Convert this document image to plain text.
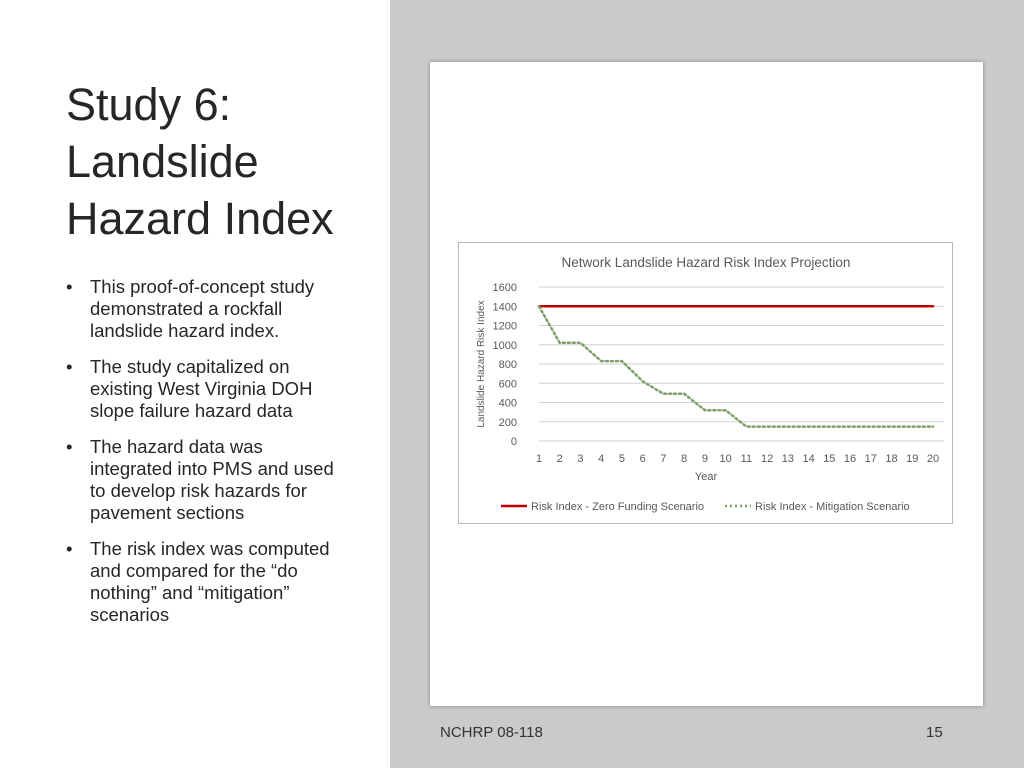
Study 6:
Landslide
Hazard Index
• This proof-of-concept study demonstrated a rockfall landslide hazard index.
• The study capitalized on existing West Virginia DOH slope failure hazard data
• The hazard data was integrated into PMS and used to develop risk hazards for pavement sections
• The risk index was computed and compared for the “do nothing” and “mitigation” scenarios
Network Landslide Hazard Risk Index Projection
0
200
400
600
800
1000
1200
1400
1600
1 2 3 4 5 6 7 8 9 10 11 12 13 14 15 16 17 18 19 20
Year
Landslide Hazard Risk Index
Risk Index - Zero Funding Scenario	Risk Index - Mitigation Scenario
NCHRP 08-118	15
